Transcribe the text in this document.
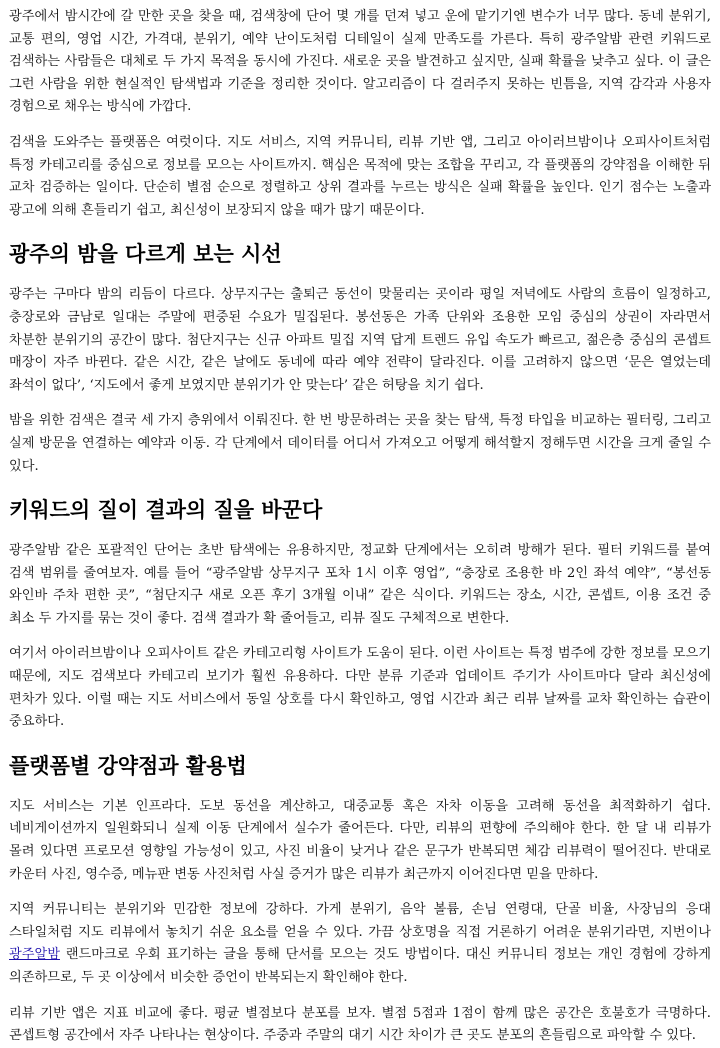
광주에서 밤시간에 갈 만한 곳을 찾을 때, 검색창에 단어 몇 개를 던져 넣고 운에 맡기기엔 변수가 너무 많다. 동네 분위기, 교통 편의, 영업 시간, 가격대, 분위기, 예약 난이도처럼 디테일이 실제 만족도를 가른다. 특히 광주알밤 관련 키워드로 검색하는 사람들은 대체로 두 가지 목적을 동시에 가진다. 새로운 곳을 발견하고 싶지만, 실패 확률을 낮추고 싶다. 이 글은 그런 사람을 위한 현실적인 탐색법과 기준을 정리한 것이다. 알고리즘이 다 걸러주지 못하는 빈틈을, 지역 감각과 사용자 경험으로 채우는 방식에 가깝다.

검색을 도와주는 플랫폼은 여럿이다. 지도 서비스, 지역 커뮤니티, 리뷰 기반 앱, 그리고 아이러브밤이나 오피사이트처럼 특정 카테고리를 중심으로 정보를 모으는 사이트까지. 핵심은 목적에 맞는 조합을 꾸리고, 각 플랫폼의 강약점을 이해한 뒤 교차 검증하는 일이다. 단순히 별점 순으로 정렬하고 상위 결과를 누르는 방식은 실패 확률을 높인다. 인기 점수는 노출과 광고에 의해 흔들리기 쉽고, 최신성이 보장되지 않을 때가 많기 때문이다.

광주의 밤을 다르게 보는 시선

광주는 구마다 밤의 리듬이 다르다. 상무지구는 출퇴근 동선이 맞물리는 곳이라 평일 저녁에도 사람의 흐름이 일정하고, 충장로와 금남로 일대는 주말에 편중된 수요가 밀집된다. 봉선동은 가족 단위와 조용한 모임 중심의 상권이 자라면서 차분한 분위기의 공간이 많다. 첨단지구는 신규 아파트 밀집 지역 답게 트렌드 유입 속도가 빠르고, 젊은층 중심의 콘셉트 매장이 자주 바뀐다. 같은 시간, 같은 날에도 동네에 따라 예약 전략이 달라진다. 이를 고려하지 않으면 ‘문은 열었는데 좌석이 없다’, ‘지도에서 좋게 보였지만 분위기가 안 맞는다’ 같은 허탕을 치기 쉽다.

밤을 위한 검색은 결국 세 가지 층위에서 이뤄진다. 한 번 방문하려는 곳을 찾는 탐색, 특정 타입을 비교하는 필터링, 그리고 실제 방문을 연결하는 예약과 이동. 각 단계에서 데이터를 어디서 가져오고 어떻게 해석할지 정해두면 시간을 크게 줄일 수 있다.

키워드의 질이 결과의 질을 바꾼다

광주알밤 같은 포괄적인 단어는 초반 탐색에는 유용하지만, 정교화 단계에서는 오히려 방해가 된다. 필터 키워드를 붙여 검색 범위를 줄여보자. 예를 들어 “광주알밤 상무지구 포차 1시 이후 영업”, “충장로 조용한 바 2인 좌석 예약”, “봉선동 와인바 주차 편한 곳”, “첨단지구 새로 오픈 후기 3개월 이내” 같은 식이다. 키워드는 장소, 시간, 콘셉트, 이용 조건 중 최소 두 가지를 묶는 것이 좋다. 검색 결과가 확 줄어들고, 리뷰 질도 구체적으로 변한다.

여기서 아이러브밤이나 오피사이트 같은 카테고리형 사이트가 도움이 된다. 이런 사이트는 특정 범주에 강한 정보를 모으기 때문에, 지도 검색보다 카테고리 보기가 훨씬 유용하다. 다만 분류 기준과 업데이트 주기가 사이트마다 달라 최신성에 편차가 있다. 이럴 때는 지도 서비스에서 동일 상호를 다시 확인하고, 영업 시간과 최근 리뷰 날짜를 교차 확인하는 습관이 중요하다.

플랫폼별 강약점과 활용법

지도 서비스는 기본 인프라다. 도보 동선을 계산하고, 대중교통 혹은 자차 이동을 고려해 동선을 최적화하기 쉽다. 네비게이션까지 일원화되니 실제 이동 단계에서 실수가 줄어든다. 다만, 리뷰의 편향에 주의해야 한다. 한 달 내 리뷰가 몰려 있다면 프로모션 영향일 가능성이 있고, 사진 비율이 낮거나 같은 문구가 반복되면 체감 리뷰력이 떨어진다. 반대로 카운터 사진, 영수증, 메뉴판 변동 사진처럼 사실 증거가 많은 리뷰가 최근까지 이어진다면 믿을 만하다.

지역 커뮤니티는 분위기와 민감한 정보에 강하다. 가게 분위기, 음악 볼륨, 손님 연령대, 단골 비율, 사장님의 응대 스타일처럼 지도 리뷰에서 놓치기 쉬운 요소를 얻을 수 있다. 가끔 상호명을 직접 거론하기 어려운 분위기라면, 지번이나 광주알밤 랜드마크로 우회 표기하는 글을 통해 단서를 모으는 것도 방법이다. 대신 커뮤니티 정보는 개인 경험에 강하게 의존하므로, 두 곳 이상에서 비슷한 증언이 반복되는지 확인해야 한다.

리뷰 기반 앱은 지표 비교에 좋다. 평균 별점보다 분포를 보자. 별점 5점과 1점이 함께 많은 공간은 호불호가 극명하다. 콘셉트형 공간에서 자주 나타나는 현상이다. 주중과 주말의 대기 시간 차이가 큰 곳도 분포의 흔들림으로 파악할 수 있다.
